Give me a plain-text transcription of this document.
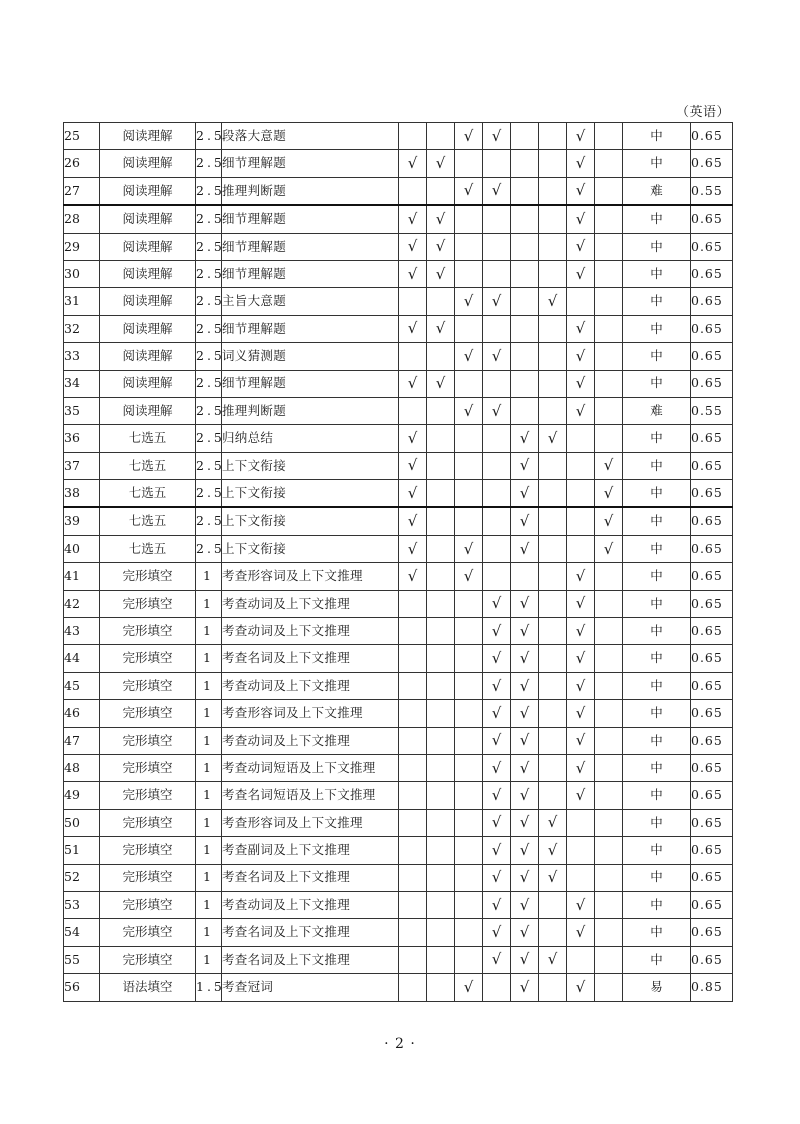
（英语）
25	阅读理解	2.5	段落大意题			√	√			√		中	0.65
26	阅读理解	2.5	细节理解题	√	√					√		中	0.65
27	阅读理解	2.5	推理判断题			√	√			√		难	0.55
28	阅读理解	2.5	细节理解题	√	√					√		中	0.65
29	阅读理解	2.5	细节理解题	√	√					√		中	0.65
30	阅读理解	2.5	细节理解题	√	√					√		中	0.65
31	阅读理解	2.5	主旨大意题			√	√		√			中	0.65
32	阅读理解	2.5	细节理解题	√	√					√		中	0.65
33	阅读理解	2.5	词义猜测题			√	√			√		中	0.65
34	阅读理解	2.5	细节理解题	√	√					√		中	0.65
35	阅读理解	2.5	推理判断题			√	√			√		难	0.55
36	七选五	2.5	归纳总结	√				√	√			中	0.65
37	七选五	2.5	上下文衔接	√				√			√	中	0.65
38	七选五	2.5	上下文衔接	√				√			√	中	0.65
39	七选五	2.5	上下文衔接	√				√			√	中	0.65
40	七选五	2.5	上下文衔接	√		√		√			√	中	0.65
41	完形填空	1	考查形容词及上下文推理	√		√				√		中	0.65
42	完形填空	1	考查动词及上下文推理				√	√		√		中	0.65
43	完形填空	1	考查动词及上下文推理				√	√		√		中	0.65
44	完形填空	1	考查名词及上下文推理				√	√		√		中	0.65
45	完形填空	1	考查动词及上下文推理				√	√		√		中	0.65
46	完形填空	1	考查形容词及上下文推理				√	√		√		中	0.65
47	完形填空	1	考查动词及上下文推理				√	√		√		中	0.65
48	完形填空	1	考查动词短语及上下文推理				√	√		√		中	0.65
49	完形填空	1	考查名词短语及上下文推理				√	√		√		中	0.65
50	完形填空	1	考查形容词及上下文推理				√	√	√			中	0.65
51	完形填空	1	考查副词及上下文推理				√	√	√			中	0.65
52	完形填空	1	考查名词及上下文推理				√	√	√			中	0.65
53	完形填空	1	考查动词及上下文推理				√	√		√		中	0.65
54	完形填空	1	考查名词及上下文推理				√	√		√		中	0.65
55	完形填空	1	考查名词及上下文推理				√	√	√			中	0.65
56	语法填空	1.5	考查冠词			√		√		√		易	0.85
· 2 ·
